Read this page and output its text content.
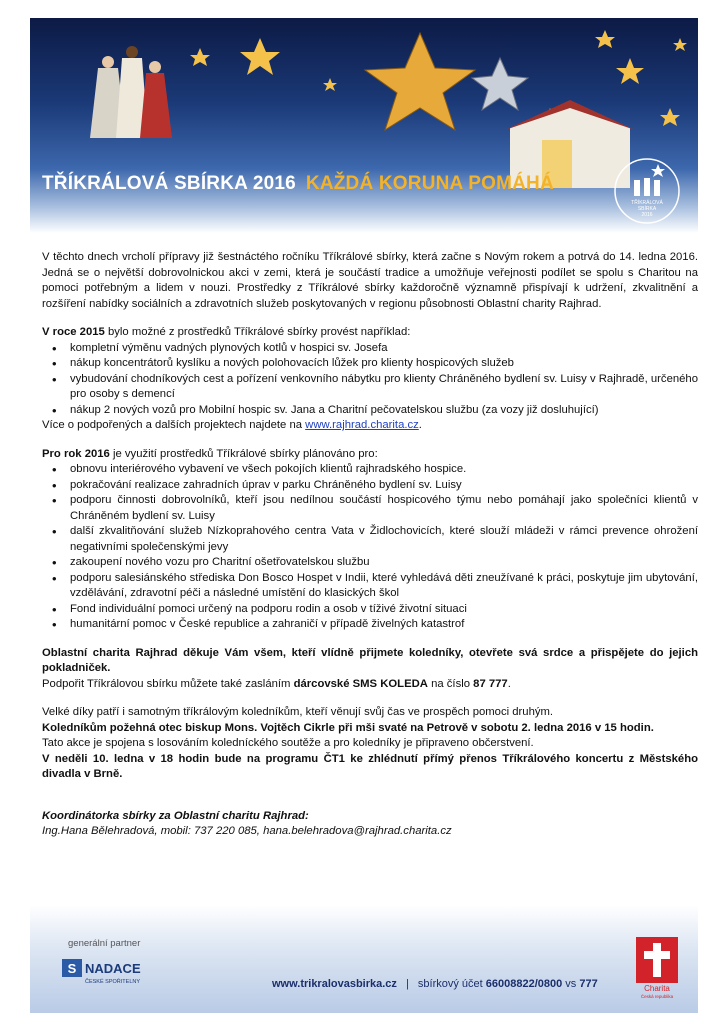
TŘÍKRÁLOVÁ SBÍRKA 2016 KAŽDÁ KORUNA POMÁHÁ
TŘÍKRÁLOVÁ
SBÍRKA
2016

V těchto dnech vrcholí přípravy již šestnáctého ročníku Tříkrálové sbírky, která začne s Novým rokem a potrvá do 14. ledna 2016. Jedná se o největší dobrovolnickou akci v zemi, která je součástí tradice a umožňuje veřejnosti podílet se spolu s Charitou na pomoci potřebným a lidem v nouzi. Prostředky z Tříkrálové sbírky každoročně významně přispívají k udržení, zkvalitnění a rozšíření nabídky sociálních a zdravotních služeb poskytovaných v regionu působnosti Oblastní charity Rajhrad.

V roce 2015 bylo možné z prostředků Tříkrálové sbírky provést například:

• kompletní výměnu vadných plynových kotlů v hospici sv. Josefa
• nákup koncentrátorů kyslíku a nových polohovacích lůžek pro klienty hospicových služeb
• vybudování chodníkových cest a pořízení venkovního nábytku pro klienty Chráněného bydlení sv. Luisy v Rajhradě, určeného pro osoby s demencí
• nákup 2 nových vozů pro Mobilní hospic sv. Jana a Charitní pečovatelskou službu (za vozy již dosluhující)

Více o podpořených a dalších projektech najdete na www.rajhrad.charita.cz.

Pro rok 2016 je využití prostředků Tříkrálové sbírky plánováno pro:

• obnovu interiérového vybavení ve všech pokojích klientů rajhradského hospice.
• pokračování realizace zahradních úprav v parku Chráněného bydlení sv. Luisy
• podporu činnosti dobrovolníků, kteří jsou nedílnou součástí hospicového týmu nebo pomáhají jako společníci klientů v Chráněném bydlení sv. Luisy
• další zkvalitňování služeb Nízkoprahového centra Vata v Židlochovicích, které slouží mládeži v rámci prevence ohrožení negativními společenskými jevy
• zakoupení nového vozu pro Charitní ošetřovatelskou službu
• podporu salesiánského střediska Don Bosco Hospet v Indii, které vyhledává děti zneužívané k práci, poskytuje jim ubytování, vzdělávání, zdravotní péči a následné umístění do klasických škol
• Fond individuální pomoci určený na podporu rodin a osob v tíživé životní situaci
• humanitární pomoc v České republice a zahraničí v případě živelných katastrof

Oblastní charita Rajhrad děkuje Vám všem, kteří vlídně přijmete koledníky, otevřete svá srdce a přispějete do jejich pokladniček.

Podpořit Tříkrálovou sbírku můžete také zasláním dárcovské SMS KOLEDA na číslo 87 777.

Velké díky patří i samotným tříkrálovým koledníkům, kteří věnují svůj čas ve prospěch pomoci druhým.

Koledníkům požehná otec biskup Mons. Vojtěch Cikrle při mši svaté na Petrově v sobotu 2. ledna 2016 v 15 hodin.

Tato akce je spojena s losováním koledníckého soutěže a pro koledníky je připraveno občerstvení.

V neděli 10. ledna v 18 hodin bude na programu ČT1 ke zhlédnutí přímý přenos Tříkrálového koncertu z Městského divadla v Brně.

Koordinátorka sbírky za Oblastní charitu Rajhrad:

Ing.Hana Bělehradová, mobil: 737 220 085, hana.belehradova@rajhrad.charita.cz

generální partner
S NADACE
ČESKÉ SPOŘITELNY	www.trikralovasbirka.cz | sbírkový účet 66008822/0800 vs 777	Charita
Česká republika
